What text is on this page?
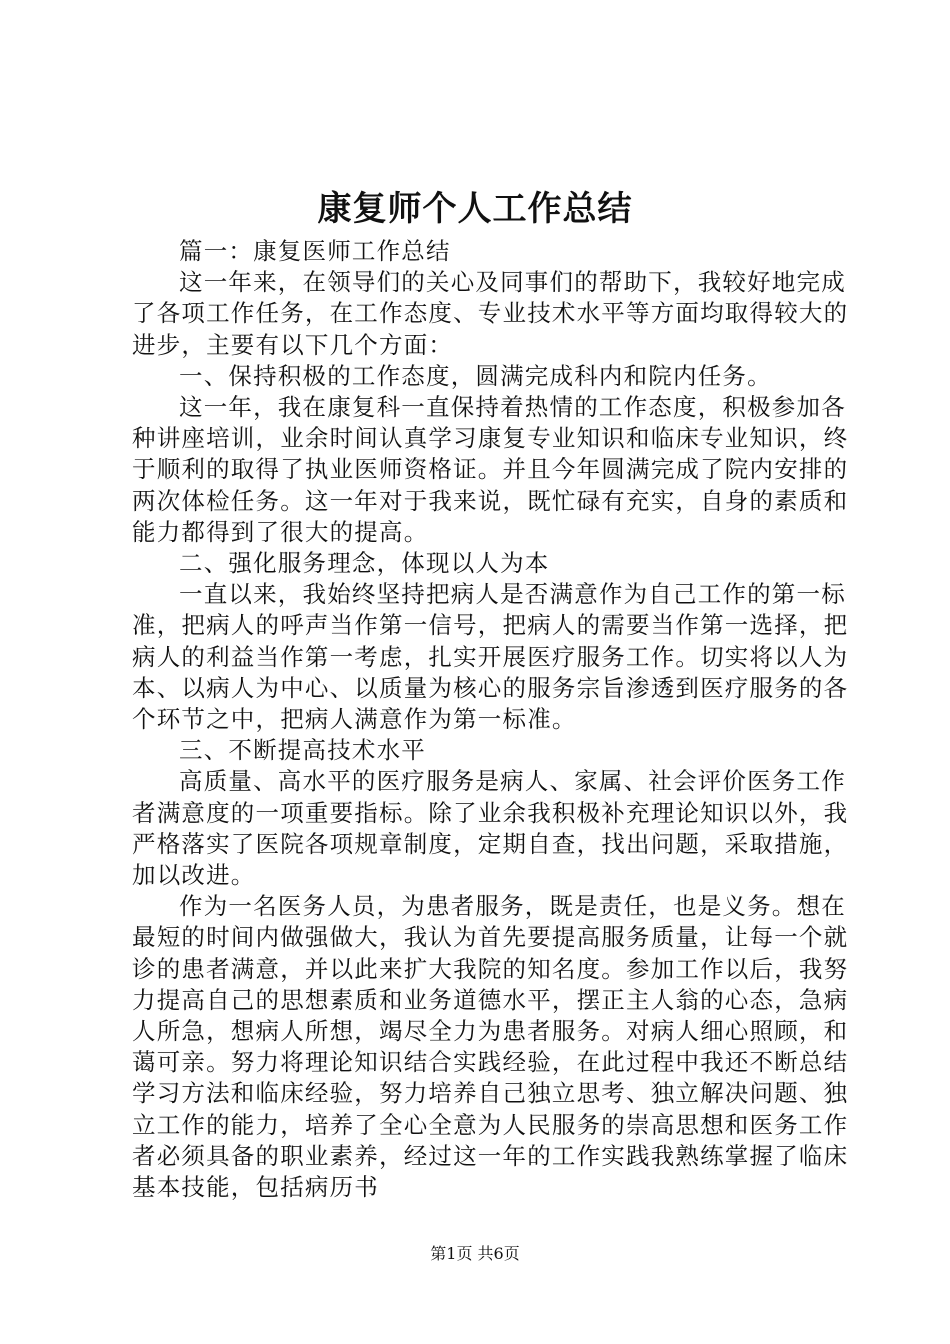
康复师个人工作总结

篇一：康复医师工作总结

这一年来，在领导们的关心及同事们的帮助下，我较好地完成了各项工作任务，在工作态度、专业技术水平等方面均取得较大的进步，主要有以下几个方面：

一、保持积极的工作态度，圆满完成科内和院内任务。

这一年，我在康复科一直保持着热情的工作态度，积极参加各种讲座培训，业余时间认真学习康复专业知识和临床专业知识，终于顺利的取得了执业医师资格证。并且今年圆满完成了院内安排的两次体检任务。这一年对于我来说，既忙碌有充实，自身的素质和能力都得到了很大的提高。

二、强化服务理念，体现以人为本

一直以来，我始终坚持把病人是否满意作为自己工作的第一标准，把病人的呼声当作第一信号，把病人的需要当作第一选择，把病人的利益当作第一考虑，扎实开展医疗服务工作。切实将以人为本、以病人为中心、以质量为核心的服务宗旨渗透到医疗服务的各个环节之中，把病人满意作为第一标准。

三、不断提高技术水平

高质量、高水平的医疗服务是病人、家属、社会评价医务工作者满意度的一项重要指标。除了业余我积极补充理论知识以外，我严格落实了医院各项规章制度，定期自查，找出问题，采取措施，加以改进。

作为一名医务人员，为患者服务，既是责任，也是义务。想在最短的时间内做强做大，我认为首先要提高服务质量，让每一个就诊的患者满意，并以此来扩大我院的知名度。参加工作以后，我努力提高自己的思想素质和业务道德水平，摆正主人翁的心态，急病人所急，想病人所想，竭尽全力为患者服务。对病人细心照顾，和蔼可亲。努力将理论知识结合实践经验，在此过程中我还不断总结学习方法和临床经验，努力培养自己独立思考、独立解决问题、独立工作的能力，培养了全心全意为人民服务的崇高思想和医务工作者必须具备的职业素养，经过这一年的工作实践我熟练掌握了临床基本技能，包括病历书

第1页 共6页
